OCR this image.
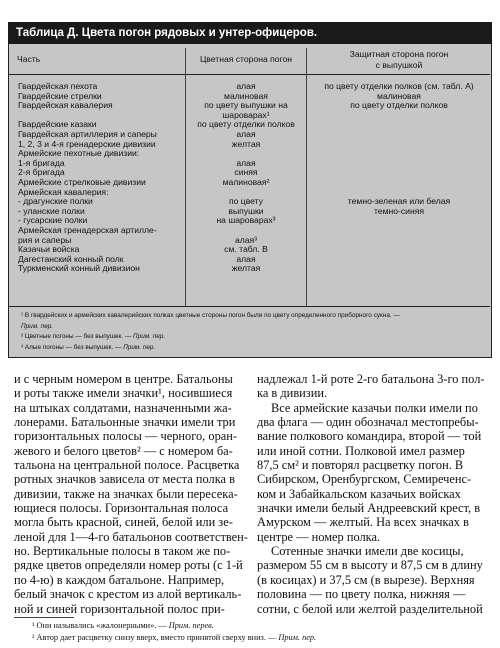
Таблица Д. Цвета погон рядовых и унтер-офицеров.
Часть	Цветная сторона погон	Защитная сторона погон
с выпушкой
Гвардейская пехота
Гвардейские стрелки
Гвардейская кавалерия
Гвардейские казаки
Гвардейская артиллерия и саперы
1, 2, 3 и 4-я гренадерские дивизии
Армейские пехотные дивизии:
1-я бригада
2-я бригада
Армейские стрелковые дивизии
Армейская кавалерия:
- драгунские полки
- уланские полки
- гусарские полки
Армейская гренадерская артилле-
рия и саперы
Казачьи войска
Дагестанский конный полк
Туркменский конный дивизион
алая
малиновая
по цвету выпушки на
шароварах¹
по цвету отделки полков
алая
желтая
алая
синяя
малиновая²
по цвету
выпушки
на шароварах³
алая³
см. табл. В
алая
желтая
по цвету отделки полков (см. табл. А)
малиновая
по цвету отделки полков
темно-зеленая или белая
темно-синяя
¹ В гвардейских и армейских кавалерийских полках цветные стороны погон были по цвету определенного приборного сукна. —
Прим. пер.
² Цветные погоны — без выпушек. — Прим. пер.
³ Алые погоны — без выпушек. — Прим. пер.
и с черным номером в центре. Батальоны
и роты также имели значки¹, носившиеся
на штыках солдатами, назначенными жа-
лонерами. Батальонные значки имели три
горизонтальных полосы — черного, оран-
жевого и белого цветов² — с номером ба-
тальона на центральной полосе. Расцветка
ротных значков зависела от места полка в
дивизии, также на значках были пересека-
ющиеся полосы. Горизонтальная полоса
могла быть красной, синей, белой или зе-
леной для 1—4-го батальонов соответствен-
но. Вертикальные полосы в таком же по-
рядке цветов определяли номер роты (с 1-й
по 4-ю) в каждом батальоне. Например,
белый значок с крестом из алой вертикаль-
ной и синей горизонтальной полос при-
надлежал 1-й роте 2-го батальона 3-го пол-
ка в дивизии.
Все армейские казачьи полки имели по
два флага — один обозначал местопребы-
вание полкового командира, второй — той
или иной сотни. Полковой имел размер
87,5 см² и повторял расцветку погон. В
Сибирском, Оренбургском, Семиреченс-
ком и Забайкальском казачьих войсках
значки имели белый Андреевский крест, в
Амурском — желтый. На всех значках в
центре — номер полка.
Сотенные значки имели две косицы,
размером 55 см в высоту и 87,5 см в длину
(в косицах) и 37,5 см (в вырезе). Верхняя
половина — по цвету полка, нижняя —
сотни, с белой или желтой разделительной
¹ Они назывались «жалонерными». — Прим. перев.
² Автор дает расцветку снизу вверх, вместо принятой сверху вниз. — Прим. пер.
